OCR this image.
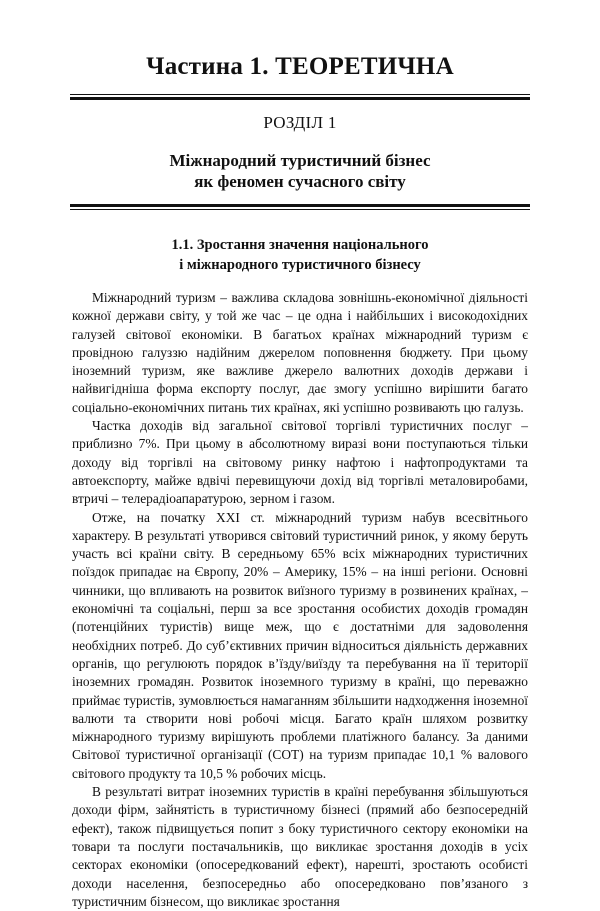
Частина 1. ТЕОРЕТИЧНА
РОЗДІЛ 1
Міжнародний туристичний бізнес
як феномен сучасного світу
1.1. Зростання значення національного
і міжнародного туристичного бізнесу

Міжнародний туризм – важлива складова зовнішнь-економічної діяльності кожної держави світу, у той же час – це одна і найбільших і високодохідних галузей світової економіки. В багатьох країнах міжнародний туризм є провідною галуззю надійним джерелом поповнення бюджету. При цьому іноземний туризм, яке важливе джерело валютних доходів держави і найвигідніша форма експорту послуг, дає змогу успішно вирішити багато соціально-економічних питань тих країнах, які успішно розвивають цю галузь.

Частка доходів від загальної світової торгівлі туристичних послуг – приблизно 7%. При цьому в абсолютному виразі вони поступаються тільки доходу від торгівлі на світовому ринку нафтою і нафтопродуктами та автоекспорту, майже вдвічі перевищуючи дохід від торгівлі металовиробами, втричі – телерадіоапаратурою, зерном і газом.

Отже, на початку XXI ст. міжнародний туризм набув всесвітнього характеру. В результаті утворився світовий туристичний ринок, у якому беруть участь всі країни світу. В середньому 65% всіх міжнародних туристичних поїздок припадає на Європу, 20% – Америку, 15% – на інші регіони. Основні чинники, що впливають на розвиток виїзного туризму в розвинених країнах, – економічні та соціальні, перш за все зростання особистих доходів громадян (потенційних туристів) вище меж, що є достатніми для задоволення необхідних потреб. До суб’єктивних причин відноситься діяльність державних органів, що регулюють порядок в’їзду/виїзду та перебування на її території іноземних громадян. Розвиток іноземного туризму в країні, що переважно приймає туристів, зумовлюється намаганням збільшити надходження іноземної валюти та створити нові робочі місця. Багато країн шляхом розвитку міжнародного туризму вирішують проблеми платіжного балансу. За даними Світової туристичної організації (СОТ) на туризм припадає 10,1 % валового світового продукту та 10,5 % робочих місць.

В результаті витрат іноземних туристів в країні перебування збільшуються доходи фірм, зайнятість в туристичному бізнесі (прямий або безпосередній ефект), також підвищується попит з боку туристичного сектору економіки на товари та послуги постачальників, що викликає зростання доходів в усіх секторах економіки (опосередкований ефект), нарешті, зростають особисті доходи населення, безпосередньо або опосередковано пов’язаного з туристичним бізнесом, що викликає зростання
